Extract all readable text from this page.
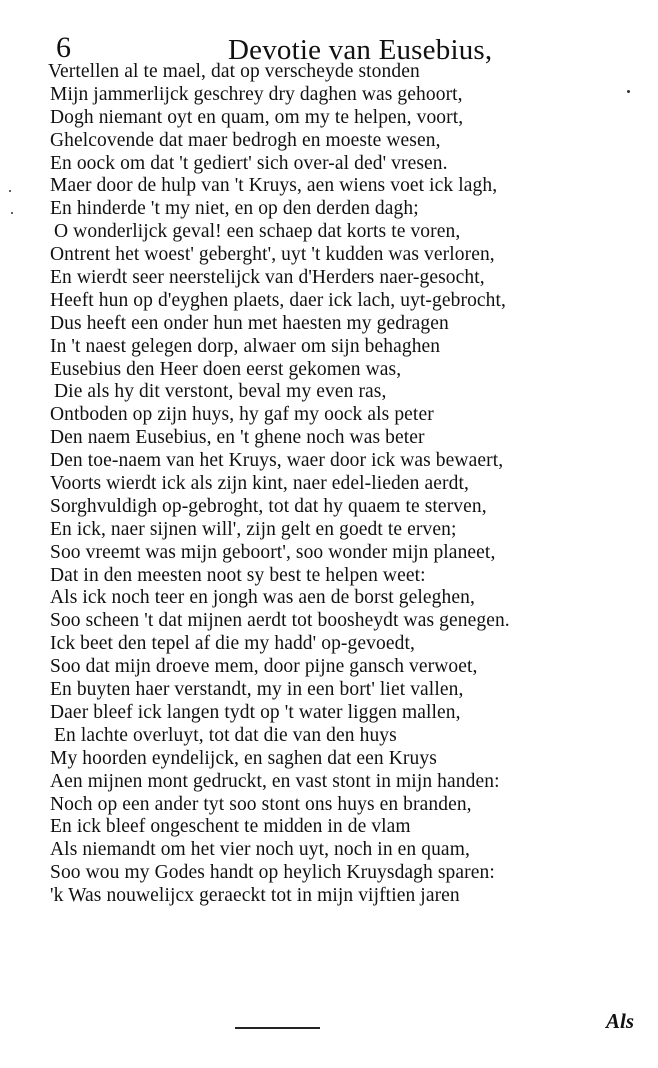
6	Devotie van Eusebius,
Vertellen al te mael, dat op verscheyde stonden
Mijn jammerlijck geschrey dry daghen was gehoort,
Dogh niemant oyt en quam, om my te helpen, voort,
Ghelcovende dat maer bedrogh en moeste wesen,
En oock om dat 't gediert' sich over-al ded' vresen.
Maer door de hulp van 't Kruys, aen wiens voet ick lagh,
En hinderde 't my niet, en op den derden dagh;
O wonderlijck geval! een schaep dat korts te voren,
Ontrent het woest' geberght', uyt 't kudden was verloren,
En wierdt seer neerstelijck van d'Herders naer-gesocht,
Heeft hun op d'eyghen plaets, daer ick lach, uyt-gebrocht,
Dus heeft een onder hun met haesten my gedragen
In 't naest gelegen dorp, alwaer om sijn behaghen
Eusebius den Heer doen eerst gekomen was,
Die als hy dit verstont, beval my even ras,
Ontboden op zijn huys, hy gaf my oock als peter
Den naem Eusebius, en 't ghene noch was beter
Den toe-naem van het Kruys, waer door ick was bewaert,
Voorts wierdt ick als zijn kint, naer edel-lieden aerdt,
Sorghvuldigh op-gebroght, tot dat hy quaem te sterven,
En ick, naer sijnen will', zijn gelt en goedt te erven;
Soo vreemt was mijn geboort', soo wonder mijn planeet,
Dat in den meesten noot sy best te helpen weet:
Als ick noch teer en jongh was aen de borst geleghen,
Soo scheen 't dat mijnen aerdt tot boosheydt was genegen.
Ick beet den tepel af die my hadd' op-gevoedt,
Soo dat mijn droeve mem, door pijne gansch verwoet,
En buyten haer verstandt, my in een bort' liet vallen,
Daer bleef ick langen tydt op 't water liggen mallen,
En lachte overluyt, tot dat die van den huys
My hoorden eyndelijck, en saghen dat een Kruys
Aen mijnen mont gedruckt, en vast stont in mijn handen:
Noch op een ander tyt soo stont ons huys en branden,
En ick bleef ongeschent te midden in de vlam
Als niemandt om het vier noch uyt, noch in en quam,
Soo wou my Godes handt op heylich Kruysdagh sparen:
'k Was nouwelijcx geraeckt tot in mijn vijftien jaren
Als
